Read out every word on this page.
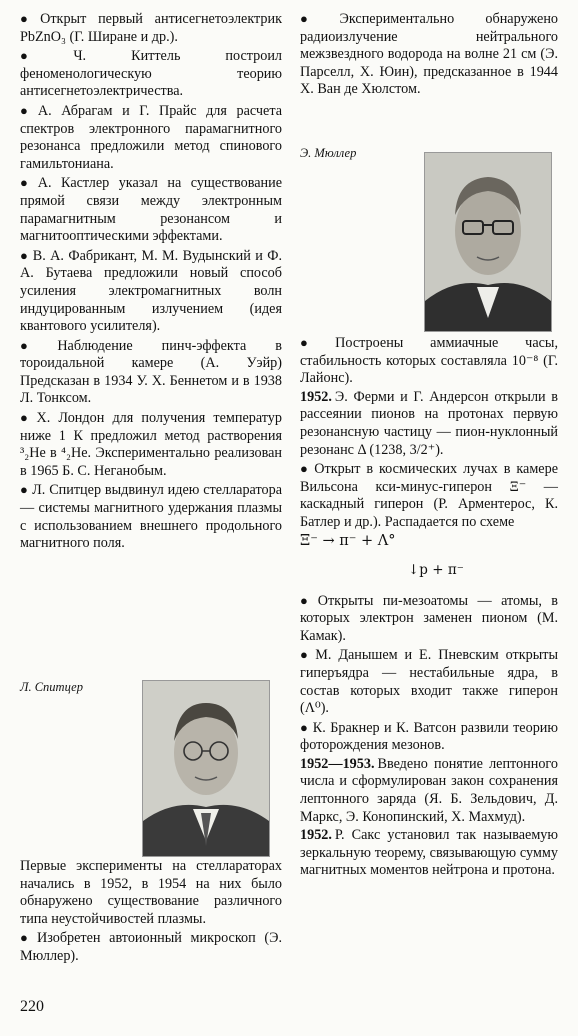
● Открыт первый антисегнетоэлектрик PbZnO₃ (Г. Ширане и др.).

● Ч. Киттель построил феноменологическую теорию антисегнетоэлектричества.

● А. Абрагам и Г. Прайс для расчета спектров электронного парамагнитного резонанса предложили метод спинового гамильтониана.

● А. Кастлер указал на существование прямой связи между электронным парамагнитным резонансом и магнитооптическими эффектами.

● В. А. Фабрикант, М. М. Вудынский и Ф. А. Бутаева предложили новый способ усиления электромагнитных волн индуцированным излучением (идея квантового усилителя).

● Наблюдение пинч-эффекта в тороидальной камере (А. Уэйр) Предсказан в 1934 У. Х. Беннетом и в 1938 Л. Тонксом.

● Х. Лондон для получения температур ниже 1 К предложил метод растворения ³₂He в ⁴₂He. Экспериментально реализован в 1965 Б. С. Неганобым.

● Л. Спитцер выдвинул идею стелларатора — системы магнитного удержания плазмы с использованием внешнего продольного магнитного поля.

Л. Спитцер

Первые эксперименты на стеллараторах начались в 1952, в 1954 на них было обнаружено существование различного типа неустойчивостей плазмы.

● Изобретен автоионный микроскоп (Э. Мюллер).

● Экспериментально обнаружено радиоизлучение нейтрального межзвездного водорода на волне 21 см (Э. Парселл, Х. Юин), предсказанное в 1944 Х. Ван де Хюлстом.

Э. Мюллер

● Построены аммиачные часы, стабильность которых составляла 10⁻⁸ (Г. Лайонс).

1952. Э. Ферми и Г. Андерсон открыли в рассеянии пионов на протонах первую резонансную частицу — пион-нуклонный резонанс Δ (1238, 3/2⁺).

● Открыт в космических лучах в камере Вильсона кси-минус-гиперон Ξ⁻ — каскадный гиперон (Р. Арментерос, К. Батлер и др.). Распадается по схеме

Ξ⁻ → π⁻ + Λ°

↓p + π⁻

● Открыты пи-мезоатомы — атомы, в которых электрон заменен пионом (М. Камак).

● М. Данышем и Е. Пневским открыты гиперъядра — нестабильные ядра, в состав которых входит также гиперон (Λ⁰).

● К. Бракнер и К. Ватсон развили теорию фоторождения мезонов.

1952—1953. Введено понятие лептонного числа и сформулирован закон сохранения лептонного заряда (Я. Б. Зельдович, Д. Маркс, Э. Конопинский, Х. Махмуд).

1952. Р. Сакс установил так называемую зеркальную теорему, связывающую сумму магнитных моментов нейтрона и протона.

220
